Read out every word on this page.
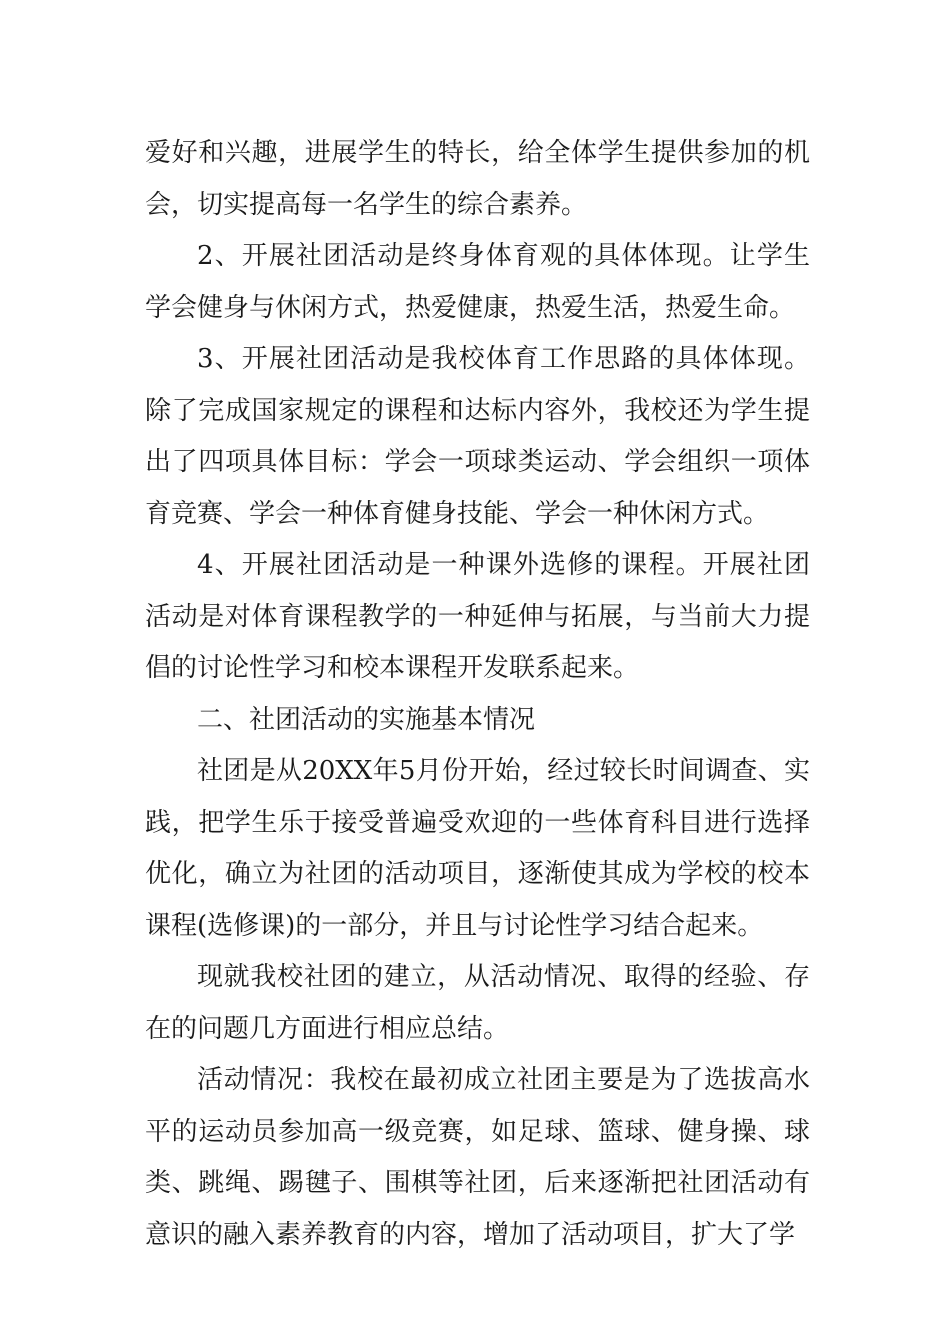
爱好和兴趣，进展学生的特长，给全体学生提供参加的机会，切实提高每一名学生的综合素养。

2、开展社团活动是终身体育观的具体体现。让学生学会健身与休闲方式，热爱健康，热爱生活，热爱生命。

3、开展社团活动是我校体育工作思路的具体体现。除了完成国家规定的课程和达标内容外，我校还为学生提出了四项具体目标：学会一项球类运动、学会组织一项体育竞赛、学会一种体育健身技能、学会一种休闲方式。

4、开展社团活动是一种课外选修的课程。开展社团活动是对体育课程教学的一种延伸与拓展，与当前大力提倡的讨论性学习和校本课程开发联系起来。

二、社团活动的实施基本情况

社团是从20XX年5月份开始，经过较长时间调查、实践，把学生乐于接受普遍受欢迎的一些体育科目进行选择优化，确立为社团的活动项目，逐渐使其成为学校的校本课程(选修课)的一部分，并且与讨论性学习结合起来。

现就我校社团的建立，从活动情况、取得的经验、存在的问题几方面进行相应总结。

活动情况：我校在最初成立社团主要是为了选拔高水平的运动员参加高一级竞赛，如足球、篮球、健身操、球类、跳绳、踢毽子、围棋等社团，后来逐渐把社团活动有意识的融入素养教育的内容，增加了活动项目，扩大了学
